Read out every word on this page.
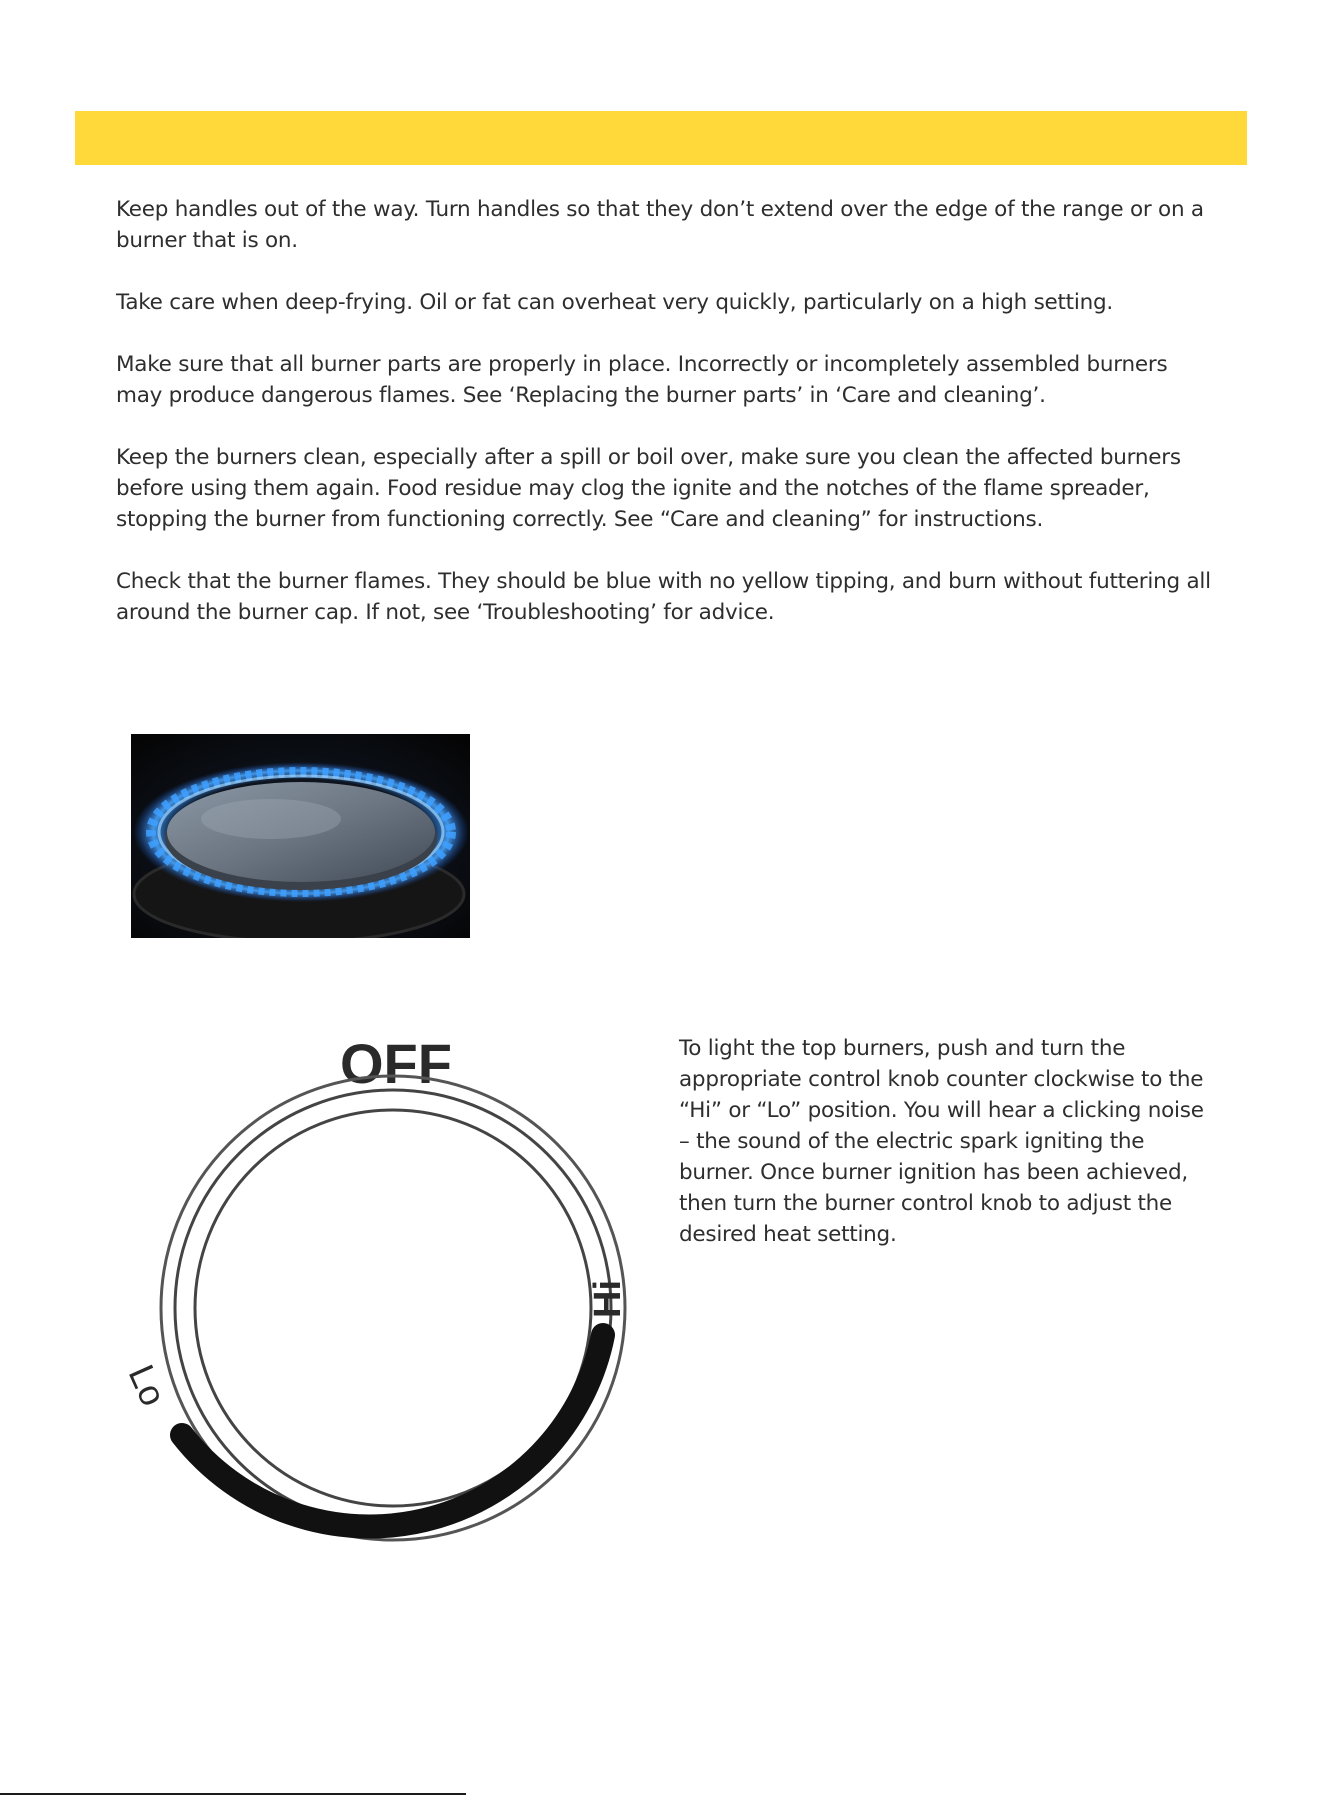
Keep handles out of the way. Turn handles so that they don’t extend over the edge of the range or on a burner that is on.

Take care when deep-frying. Oil or fat can overheat very quickly, particularly on a high setting.

Make sure that all burner parts are properly in place. Incorrectly or incompletely assembled burners may produce dangerous flames. See ‘Replacing the burner parts’ in ‘Care and cleaning’.

Keep the burners clean, especially after a spill or boil over, make sure you clean the affected burners before using them again. Food residue may clog the ignite and the notches of the flame spreader, stopping the burner from functioning correctly. See “Care and cleaning” for instructions.

Check that the burner flames. They should be blue with no yellow tipping, and burn without futtering all around the burner cap. If not, see ‘Troubleshooting’ for advice.

OFF
Hi
Lo
To light the top burners, push and turn the appropriate control knob counter clockwise to the “Hi” or “Lo” position. You will hear a clicking noise – the sound of the electric spark igniting the burner. Once burner ignition has been achieved, then turn the burner control knob to adjust the desired heat setting.
